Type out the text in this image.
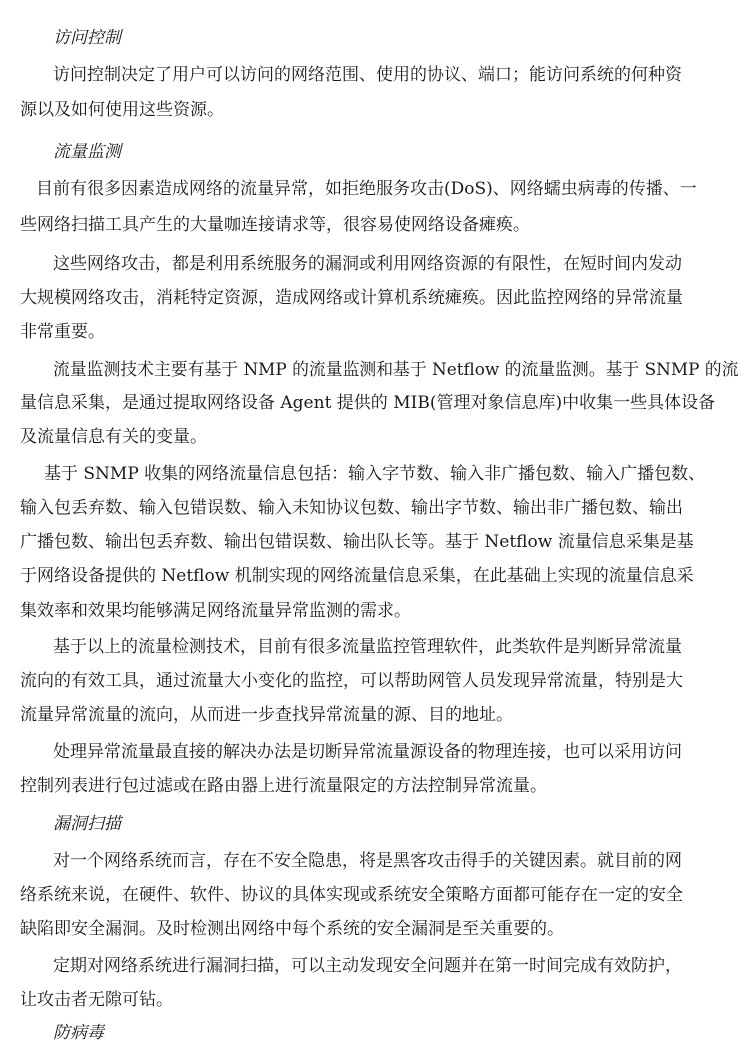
访问控制

访问控制决定了用户可以访问的网络范围、使用的协议、端口；能访问系统的何种资

源以及如何使用这些资源。

流量监测

目前有很多因素造成网络的流量异常，如拒绝服务攻击(DoS)、网络蠕虫病毒的传播、一

些网络扫描工具产生的大量咖连接请求等，很容易使网络设备瘫痪。

这些网络攻击，都是利用系统服务的漏洞或利用网络资源的有限性，在短时间内发动

大规模网络攻击，消耗特定资源，造成网络或计算机系统瘫痪。因此监控网络的异常流量

非常重要。

流量监测技术主要有基于 NMP 的流量监测和基于 Netflow 的流量监测。基于 SNMP 的流

量信息采集，是通过提取网络设备 Agent 提供的 MIB(管理对象信息库)中收集一些具体设备

及流量信息有关的变量。

基于 SNMP 收集的网络流量信息包括：输入字节数、输入非广播包数、输入广播包数、

输入包丢弃数、输入包错误数、输入未知协议包数、输出字节数、输出非广播包数、输出

广播包数、输出包丢弃数、输出包错误数、输出队长等。基于 Netflow 流量信息采集是基

于网络设备提供的 Netflow 机制实现的网络流量信息采集，在此基础上实现的流量信息采

集效率和效果均能够满足网络流量异常监测的需求。

基于以上的流量检测技术，目前有很多流量监控管理软件，此类软件是判断异常流量

流向的有效工具，通过流量大小变化的监控，可以帮助网管人员发现异常流量，特别是大

流量异常流量的流向，从而进一步查找异常流量的源、目的地址。

处理异常流量最直接的解决办法是切断异常流量源设备的物理连接，也可以采用访问

控制列表进行包过滤或在路由器上进行流量限定的方法控制异常流量。

漏洞扫描

对一个网络系统而言，存在不安全隐患，将是黑客攻击得手的关键因素。就目前的网

络系统来说，在硬件、软件、协议的具体实现或系统安全策略方面都可能存在一定的安全

缺陷即安全漏洞。及时检测出网络中每个系统的安全漏洞是至关重要的。

定期对网络系统进行漏洞扫描，可以主动发现安全问题并在第一时间完成有效防护，

让攻击者无隙可钻。

防病毒
